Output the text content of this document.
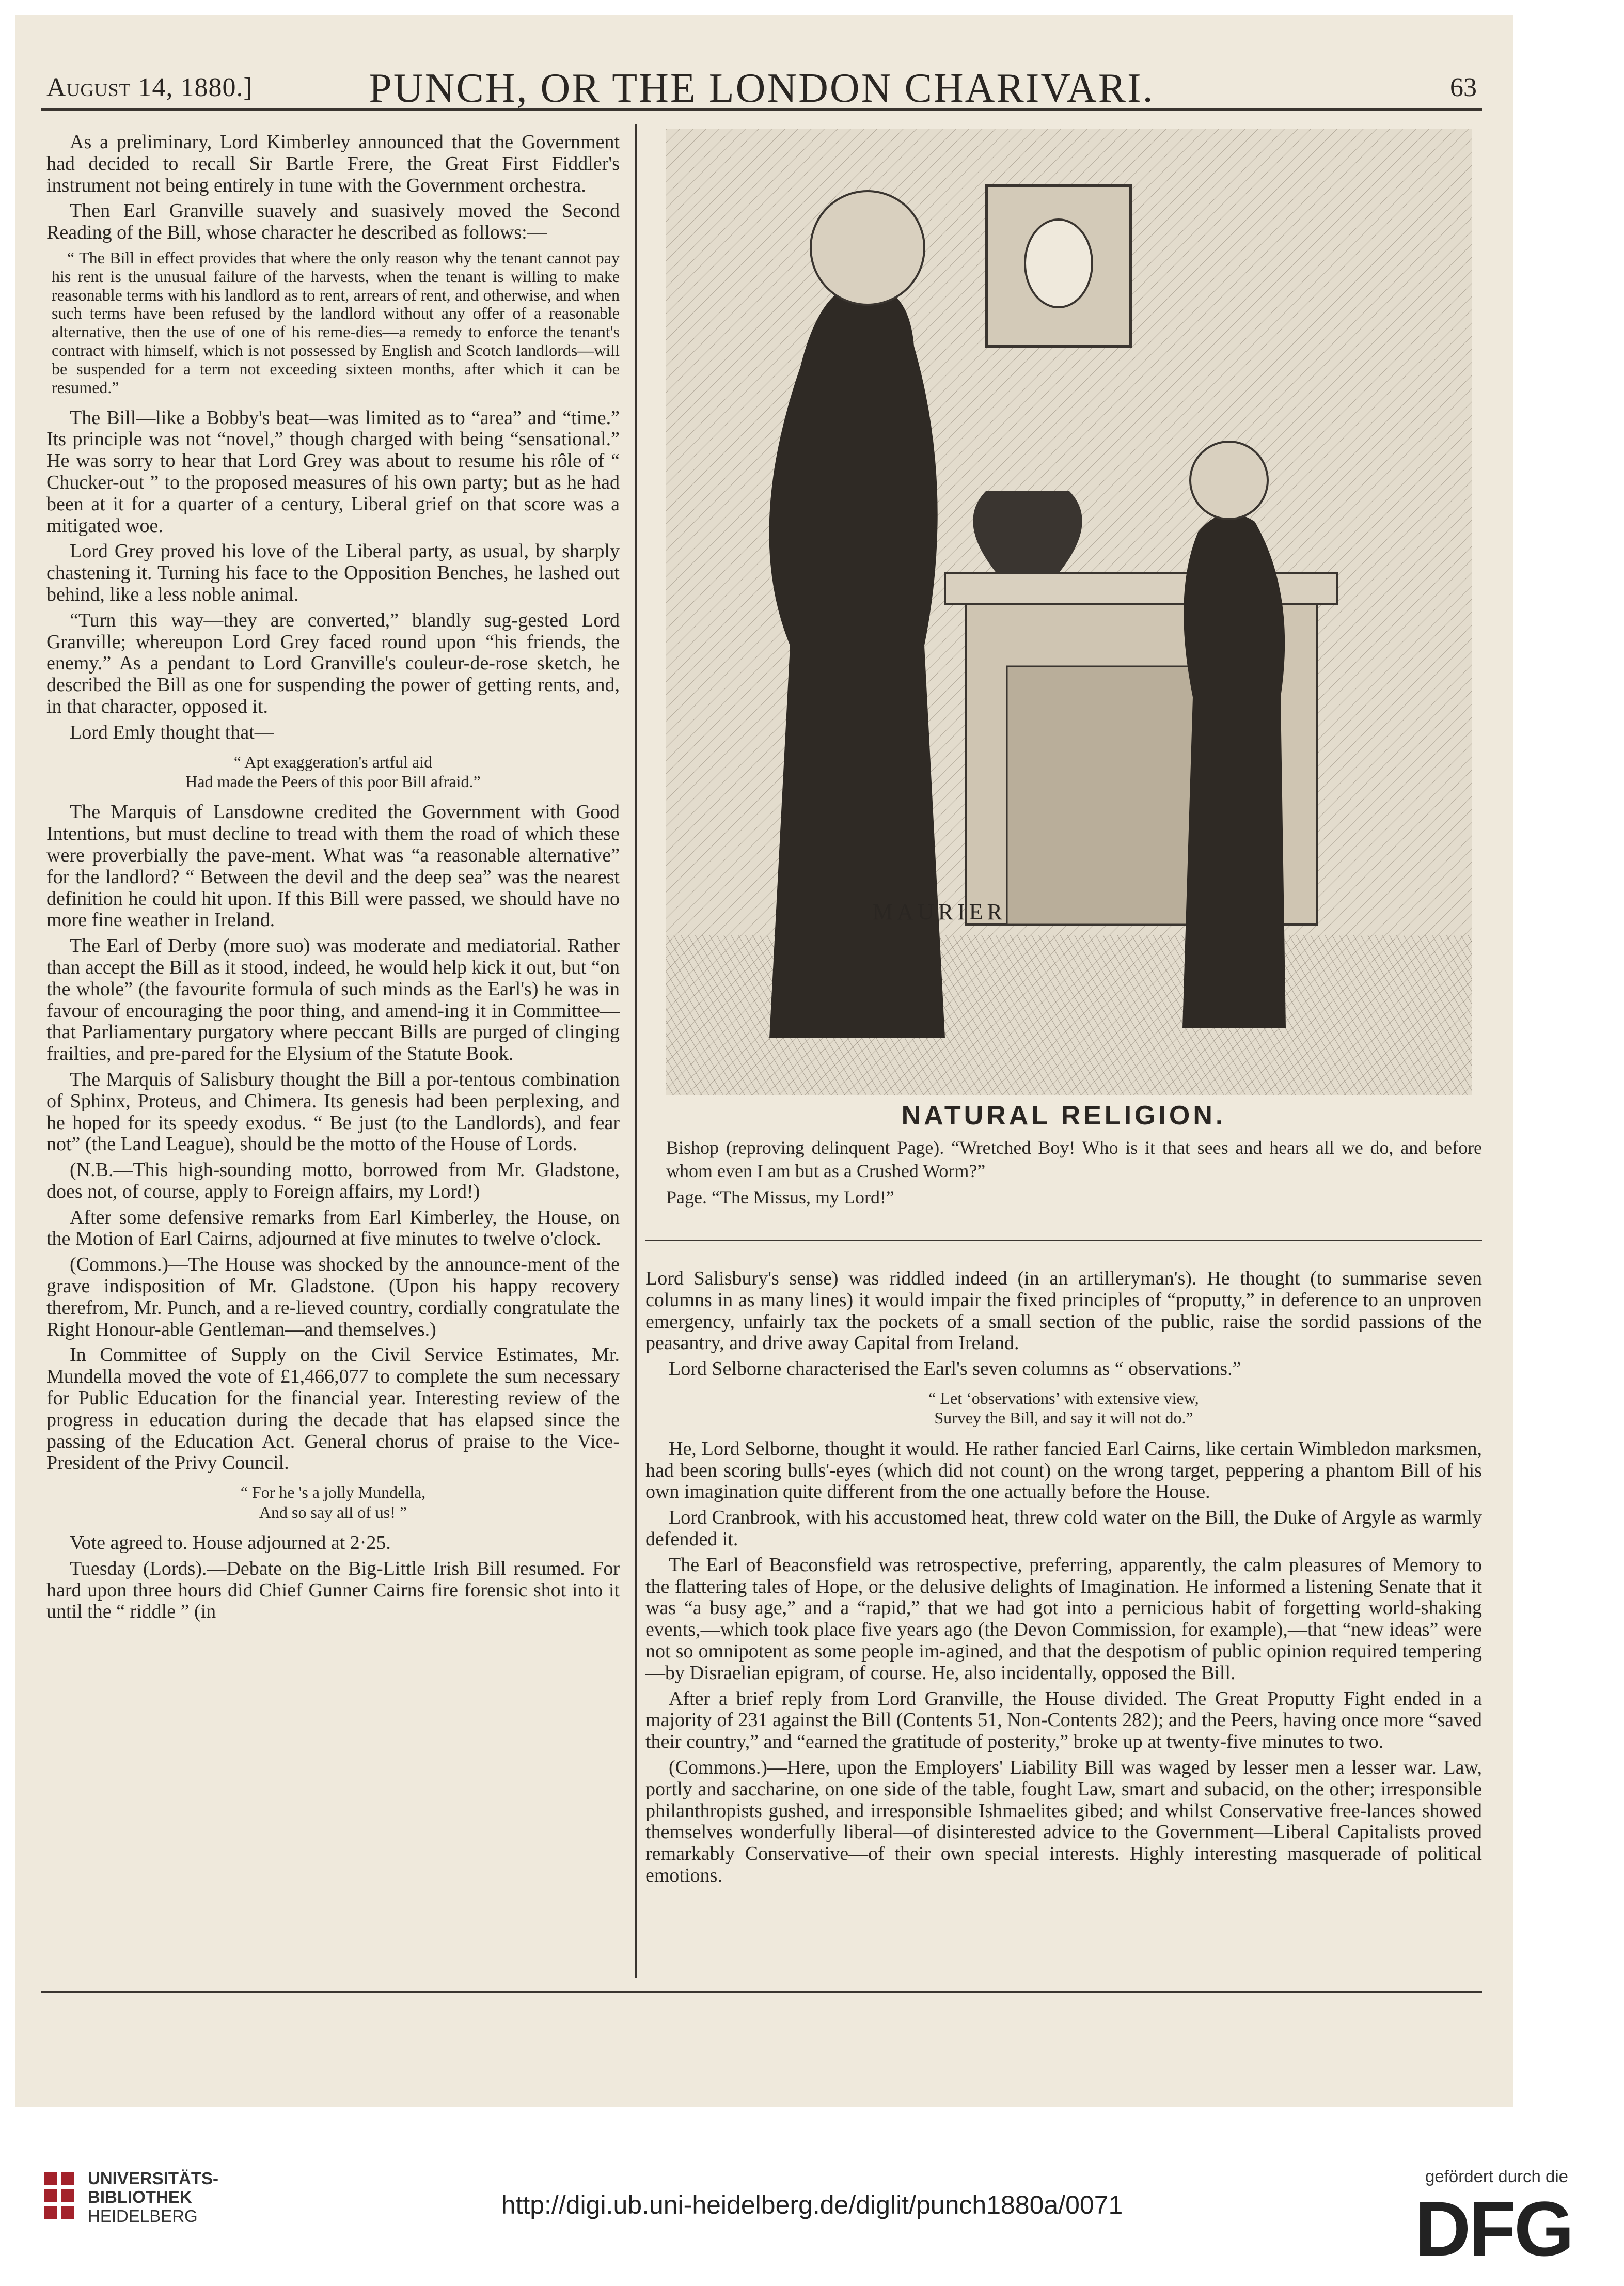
August 14, 1880.]	PUNCH, OR THE LONDON CHARIVARI.	63

As a preliminary, Lord Kimberley announced that the Government had decided to recall Sir Bartle Frere, the Great First Fiddler's instrument not being entirely in tune with the Government orchestra.

Then Earl Granville suavely and suasively moved the Second Reading of the Bill, whose character he described as follows:—

“ The Bill in effect provides that where the only reason why the tenant cannot pay his rent is the unusual failure of the harvests, when the tenant is willing to make reasonable terms with his landlord as to rent, arrears of rent, and otherwise, and when such terms have been refused by the landlord without any offer of a reasonable alternative, then the use of one of his reme-dies—a remedy to enforce the tenant's contract with himself, which is not possessed by English and Scotch landlords—will be suspended for a term not exceeding sixteen months, after which it can be resumed.”

The Bill—like a Bobby's beat—was limited as to “area” and “time.” Its principle was not “novel,” though charged with being “sensational.” He was sorry to hear that Lord Grey was about to resume his rôle of “ Chucker-out ” to the proposed measures of his own party; but as he had been at it for a quarter of a century, Liberal grief on that score was a mitigated woe.

Lord Grey proved his love of the Liberal party, as usual, by sharply chastening it. Turning his face to the Opposition Benches, he lashed out behind, like a less noble animal.

“Turn this way—they are converted,” blandly sug-gested Lord Granville; whereupon Lord Grey faced round upon “his friends, the enemy.” As a pendant to Lord Granville's couleur-de-rose sketch, he described the Bill as one for suspending the power of getting rents, and, in that character, opposed it.

Lord Emly thought that—

“ Apt exaggeration's artful aid
Had made the Peers of this poor Bill afraid.”

The Marquis of Lansdowne credited the Government with Good Intentions, but must decline to tread with them the road of which these were proverbially the pave-ment. What was “a reasonable alternative” for the landlord? “ Between the devil and the deep sea” was the nearest definition he could hit upon. If this Bill were passed, we should have no more fine weather in Ireland.

The Earl of Derby (more suo) was moderate and mediatorial. Rather than accept the Bill as it stood, indeed, he would help kick it out, but “on the whole” (the favourite formula of such minds as the Earl's) he was in favour of encouraging the poor thing, and amend-ing it in Committee—that Parliamentary purgatory where peccant Bills are purged of clinging frailties, and pre-pared for the Elysium of the Statute Book.

The Marquis of Salisbury thought the Bill a por-tentous combination of Sphinx, Proteus, and Chimera. Its genesis had been perplexing, and he hoped for its speedy exodus. “ Be just (to the Landlords), and fear not” (the Land League), should be the motto of the House of Lords.

(N.B.—This high-sounding motto, borrowed from Mr. Gladstone, does not, of course, apply to Foreign affairs, my Lord!)

After some defensive remarks from Earl Kimberley, the House, on the Motion of Earl Cairns, adjourned at five minutes to twelve o'clock.

(Commons.)—The House was shocked by the announce-ment of the grave indisposition of Mr. Gladstone. (Upon his happy recovery therefrom, Mr. Punch, and a re-lieved country, cordially congratulate the Right Honour-able Gentleman—and themselves.)

In Committee of Supply on the Civil Service Estimates, Mr. Mundella moved the vote of £1,466,077 to complete the sum necessary for Public Education for the financial year. Interesting review of the progress in education during the decade that has elapsed since the passing of the Education Act. General chorus of praise to the Vice-President of the Privy Council.

“ For he 's a jolly Mundella,
And so say all of us! ”

Vote agreed to. House adjourned at 2·25.

Tuesday (Lords).—Debate on the Big-Little Irish Bill resumed. For hard upon three hours did Chief Gunner Cairns fire forensic shot into it until the “ riddle ” (in

MAURIER
NATURAL RELIGION.

Bishop (reproving delinquent Page). “Wretched Boy! Who is it that sees and hears all we do, and before whom even I am but as a Crushed Worm?”

Page. “The Missus, my Lord!”

Lord Salisbury's sense) was riddled indeed (in an artilleryman's). He thought (to summarise seven columns in as many lines) it would impair the fixed principles of “proputty,” in deference to an unproven emergency, unfairly tax the pockets of a small section of the public, raise the sordid passions of the peasantry, and drive away Capital from Ireland.

Lord Selborne characterised the Earl's seven columns as “ observations.”

“ Let ‘observations’ with extensive view,
Survey the Bill, and say it will not do.”

He, Lord Selborne, thought it would. He rather fancied Earl Cairns, like certain Wimbledon marksmen, had been scoring bulls'-eyes (which did not count) on the wrong target, peppering a phantom Bill of his own imagination quite different from the one actually before the House.

Lord Cranbrook, with his accustomed heat, threw cold water on the Bill, the Duke of Argyle as warmly defended it.

The Earl of Beaconsfield was retrospective, preferring, apparently, the calm pleasures of Memory to the flattering tales of Hope, or the delusive delights of Imagination. He informed a listening Senate that it was “a busy age,” and a “rapid,” that we had got into a pernicious habit of forgetting world-shaking events,—which took place five years ago (the Devon Commission, for example),—that “new ideas” were not so omnipotent as some people im-agined, and that the despotism of public opinion required tempering—by Disraelian epigram, of course. He, also incidentally, opposed the Bill.

After a brief reply from Lord Granville, the House divided. The Great Proputty Fight ended in a majority of 231 against the Bill (Contents 51, Non-Contents 282); and the Peers, having once more “saved their country,” and “earned the gratitude of posterity,” broke up at twenty-five minutes to two.

(Commons.)—Here, upon the Employers' Liability Bill was waged by lesser men a lesser war. Law, portly and saccharine, on one side of the table, fought Law, smart and subacid, on the other; irresponsible philanthropists gushed, and irresponsible Ishmaelites gibed; and whilst Conservative free-lances showed themselves wonderfully liberal—of disinterested advice to the Government—Liberal Capitalists proved remarkably Conservative—of their own special interests. Highly interesting masquerade of political emotions.

UNIVERSITÄTS-
BIBLIOTHEK
HEIDELBERG	http://digi.ub.uni-heidelberg.de/diglit/punch1880a/0071
gefördert durch die
DFG
